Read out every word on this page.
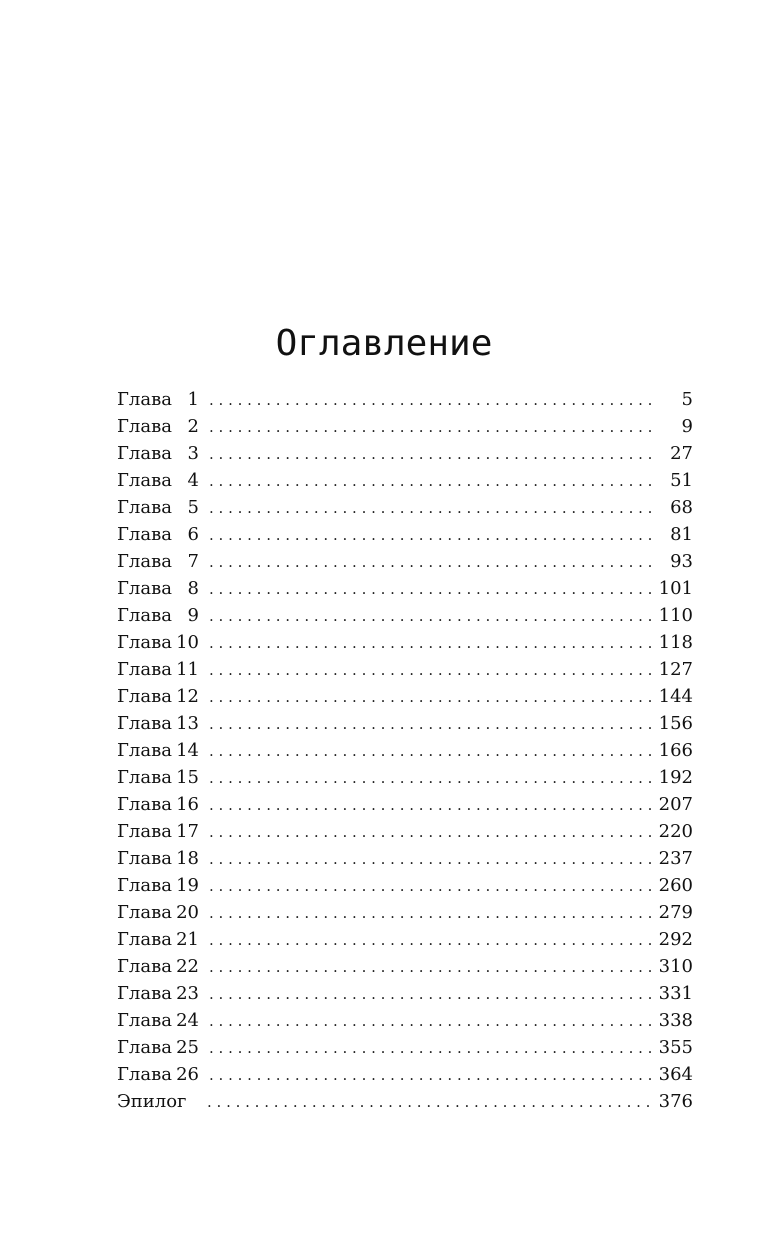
Оглавление
Глава 1 . . .	5
Глава 2 . . .	9
Глава 3 . . .	27
Глава 4 . . .	51
Глава 5 . . .	68
Глава 6 . . .	81
Глава 7 . . .	93
Глава 8 . . .	101
Глава 9 . . .	110
Глава 10 . . .	118
Глава 11 . . .	127
Глава 12 . . .	144
Глава 13 . . .	156
Глава 14 . . .	166
Глава 15 . . .	192
Глава 16 . . .	207
Глава 17 . . .	220
Глава 18 . . .	237
Глава 19 . . .	260
Глава 20 . . .	279
Глава 21 . . .	292
Глава 22 . . .	310
Глава 23 . . .	331
Глава 24 . . .	338
Глава 25 . . .	355
Глава 26 . . .	364
Эпилог . . .	376
